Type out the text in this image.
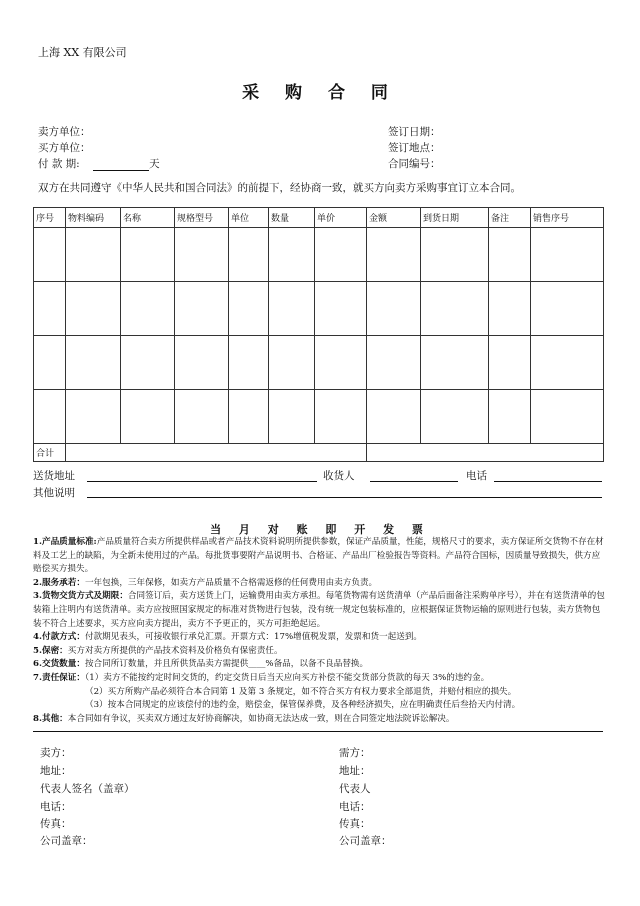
上海 XX 有限公司
采 购 合 同
卖方单位：
买方单位：
付 款 期:	天
签订日期：
签订地点：
合同编号：
双方在共同遵守《中华人民共和国合同法》的前提下，经协商一致，就买方向卖方采购事宜订立本合同。
序号	物料编码	名称	规格型号	单位	数量	单价	金额	到货日期	备注	销售序号

合计										
送货地址	收货人	电话
其他说明
当 月 对 账 即 开 发 票

1.产品质量标准:产品质量符合卖方所提供样品或者产品技术资料说明所提供参数，保证产品质量，性能，规格尺寸的要求，卖方保证所交货物不存在材料及工艺上的缺陷，为全新未使用过的产品。每批货事要附产品说明书、合格证、产品出厂检验报告等资料。产品符合国标，因质量导致损失，供方应赔偿买方损失。

2.服务承若：一年包换，三年保修，如卖方产品质量不合格需返修的任何费用由卖方负责。

3.货物交货方式及期限：合同签订后，卖方送货上门，运输费用由卖方承担。每笔货物需有送货清单（产品后面备注采购单序号），并在有送货清单的包装箱上注明内有送货清单。卖方应按照国家规定的标准对货物进行包装，没有统一规定包装标准的，应根据保证货物运输的原则进行包装，卖方货物包装不符合上述要求，买方应向卖方提出，卖方不予更正的，买方可拒绝起运。

4.付款方式：付款期见表头，可接收银行承兑汇票。开票方式：17%增值税发票，发票和货一起送到。

5.保密：买方对卖方所提供的产品技术资料及价格负有保密责任。

6.交货数量：按合同所订数量，并且所供货品卖方需提供____%备品，以备不良品替换。

7.责任保证：（1）卖方不能按约定时间交货的，约定交货日后当天应向买方补偿不能交货部分货款的每天 3%的违约金。

（2）买方所购产品必须符合本合同第 1 及第 3 条规定，如不符合买方有权力要求全部退货，并赔付相应的损失。

（3）按本合同规定的应该偿付的违约金，赔偿金，保管保养费，及各种经济损失，应在明确责任后叁拾天内付清。

8.其他：本合同如有争议，买卖双方通过友好协商解决，如协商无法达成一致，则在合同签定地法院诉讼解决。

卖方：
地址：
代表人签名（盖章）
电话：
传真：
公司盖章：
需方：
地址：
代表人
电话：
传真：
公司盖章：
